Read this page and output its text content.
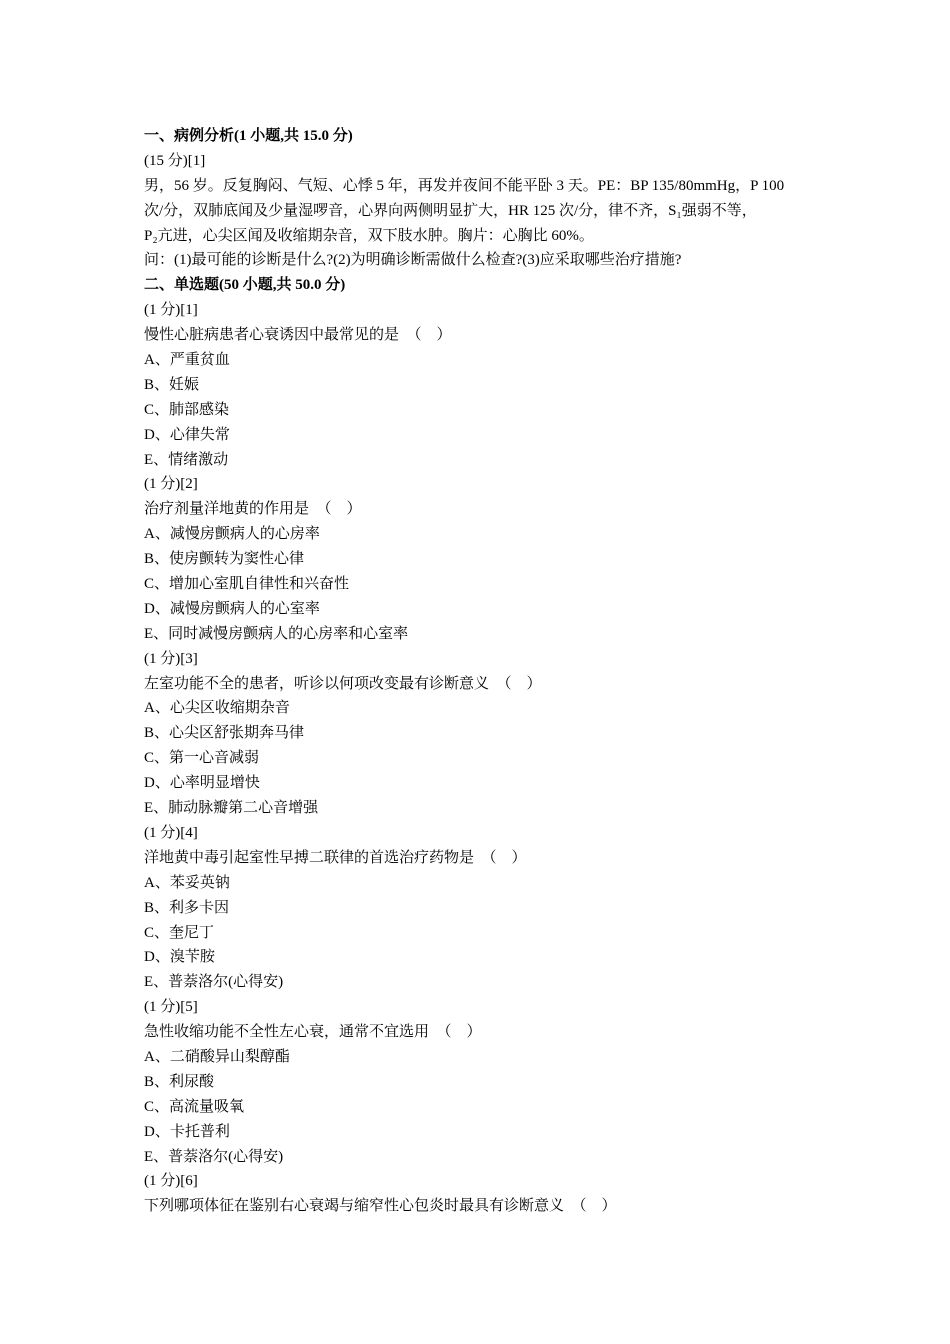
一、病例分析(1 小题,共 15.0 分)
(15 分)[1]
男，56 岁。反复胸闷、气短、心悸 5 年，再发并夜间不能平卧 3 天。PE：BP 135/80mmHg，P 100
次/分，双肺底闻及少量湿啰音，心界向两侧明显扩大，HR 125 次/分，律不齐，S₁强弱不等，
P₂亢进，心尖区闻及收缩期杂音，双下肢水肿。胸片：心胸比 60%。
问：(1)最可能的诊断是什么?(2)为明确诊断需做什么检查?(3)应采取哪些治疗措施?
二、单选题(50 小题,共 50.0 分)
(1 分)[1]
慢性心脏病患者心衰诱因中最常见的是　（　）
A、严重贫血
B、妊娠
C、肺部感染
D、心律失常
E、情绪激动
(1 分)[2]
治疗剂量洋地黄的作用是　（　）
A、减慢房颤病人的心房率
B、使房颤转为窦性心律
C、增加心室肌自律性和兴奋性
D、减慢房颤病人的心室率
E、同时减慢房颤病人的心房率和心室率
(1 分)[3]
左室功能不全的患者，听诊以何项改变最有诊断意义　（　）
A、心尖区收缩期杂音
B、心尖区舒张期奔马律
C、第一心音减弱
D、心率明显增快
E、肺动脉瓣第二心音增强
(1 分)[4]
洋地黄中毒引起室性早搏二联律的首选治疗药物是　（　）
A、苯妥英钠
B、利多卡因
C、奎尼丁
D、溴苄胺
E、普萘洛尔(心得安)
(1 分)[5]
急性收缩功能不全性左心衰，通常不宜选用　（　）
A、二硝酸异山梨醇酯
B、利尿酸
C、高流量吸氧
D、卡托普利
E、普萘洛尔(心得安)
(1 分)[6]
下列哪项体征在鉴别右心衰竭与缩窄性心包炎时最具有诊断意义　（　）
